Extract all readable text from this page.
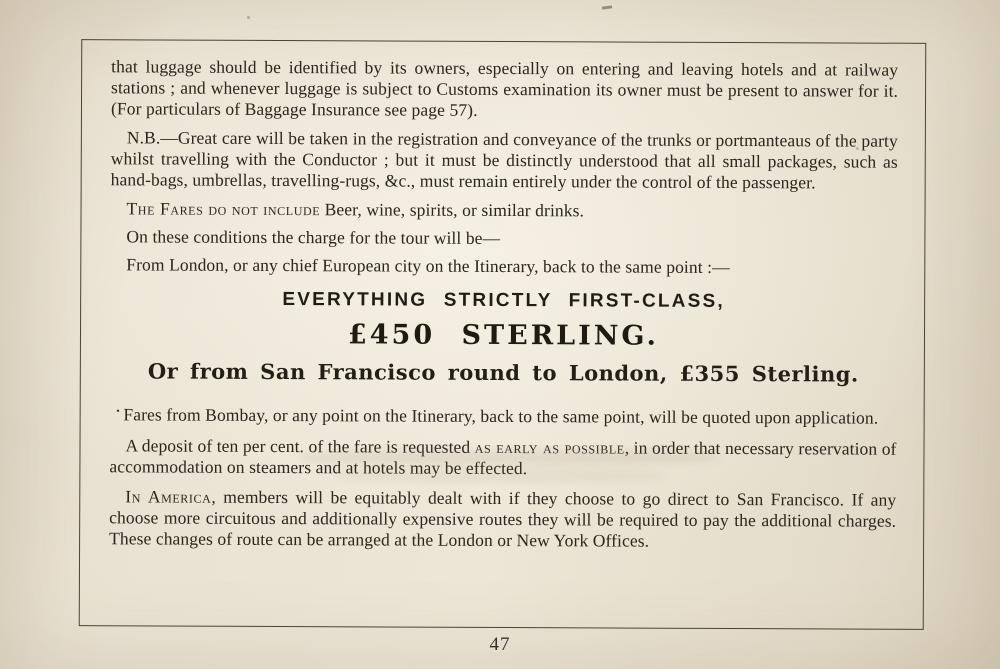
that luggage should be identified by its owners, especially on entering and leaving hotels and at railway stations ; and whenever luggage is subject to Customs examination its owner must be present to answer for it. (For particulars of Baggage Insurance see page 57).

N.B.—Great care will be taken in the registration and conveyance of the trunks or portmanteaus of the party whilst travelling with the Conductor ; but it must be distinctly understood that all small packages, such as hand-bags, umbrellas, travelling-rugs, &c., must remain entirely under the control of the passenger.

The Fares do not include Beer, wine, spirits, or similar drinks.

On these conditions the charge for the tour will be—

From London, or any chief European city on the Itinerary, back to the same point :—

EVERYTHING STRICTLY FIRST-CLASS,
£450 STERLING.
Or from San Francisco round to London, £355 Sterling.

· Fares from Bombay, or any point on the Itinerary, back to the same point, will be quoted upon application.

A deposit of ten per cent. of the fare is requested as early as possible, in order that necessary reservation of accommodation on steamers and at hotels may be effected.

In America, members will be equitably dealt with if they choose to go direct to San Francisco. If any choose more circuitous and additionally expensive routes they will be required to pay the additional charges. These changes of route can be arranged at the London or New York Offices.

47
